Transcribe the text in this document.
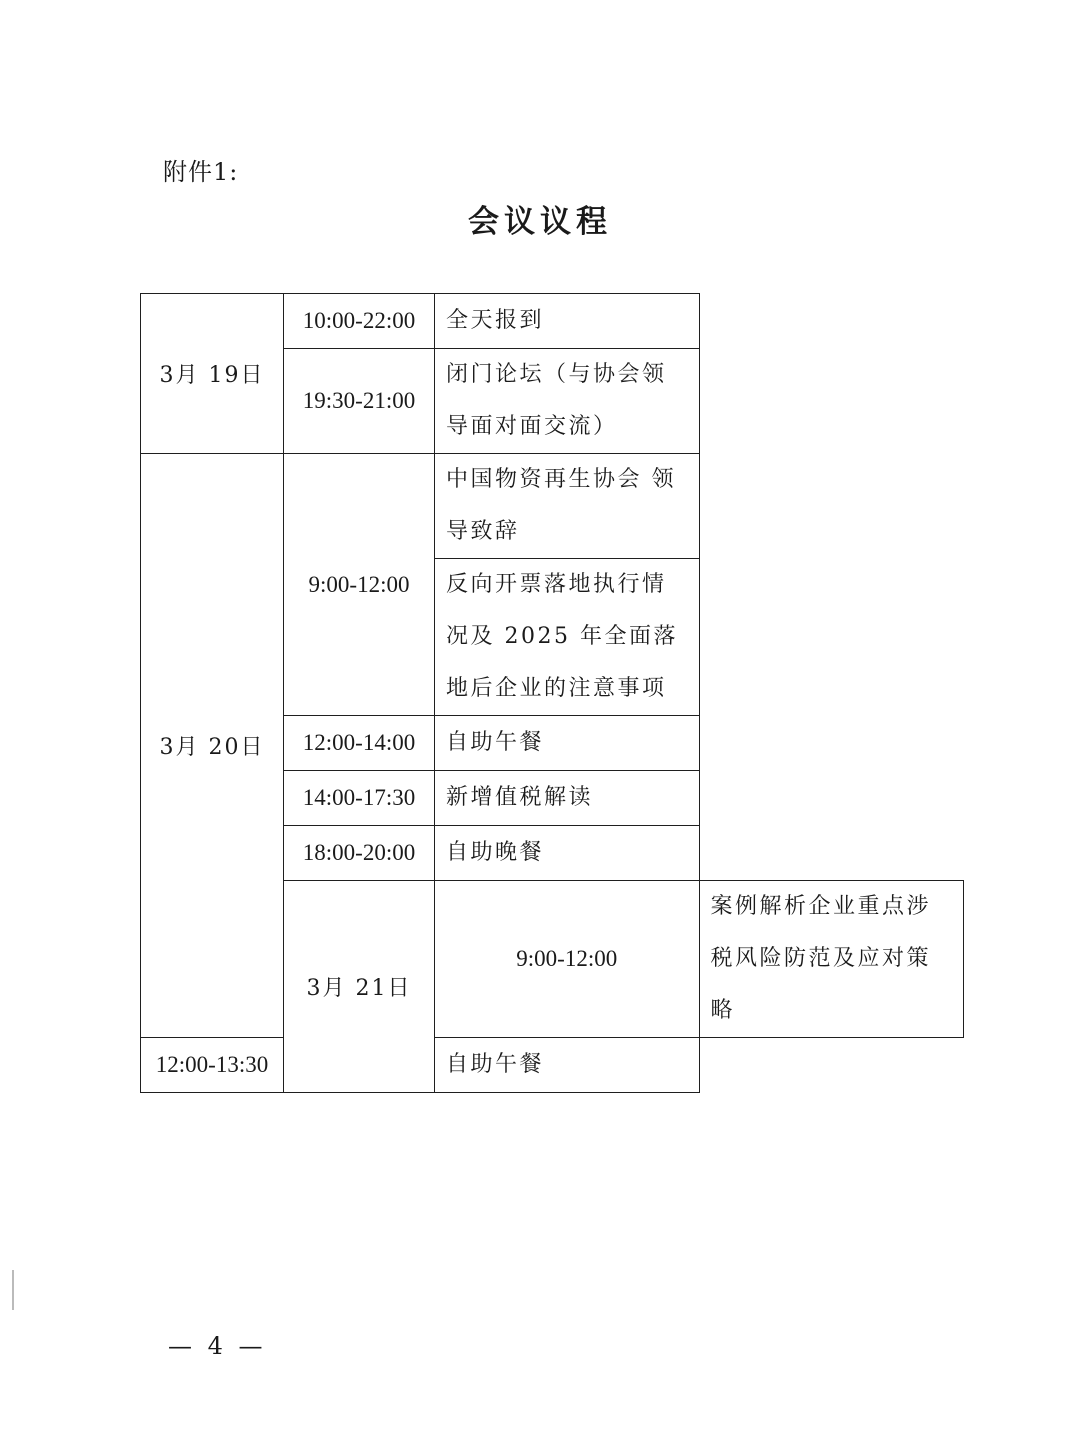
附件1:
会议议程
3月 19日	10:00-22:00	全天报到	
	19:30-21:00	闭门论坛（与协会领导面对面交流）	
3月 20日	9:00-12:00	中国物资再生协会 领导致辞	
		反向开票落地执行情况及 2025 年全面落地后企业的注意事项	
	12:00-14:00	自助午餐	
	14:00-17:30	新增值税解读	
	18:00-20:00	自助晚餐	
	3月 21日	9:00-12:00	案例解析企业重点涉税风险防范及应对策略
12:00-13:30		自助午餐	
— 4 —
